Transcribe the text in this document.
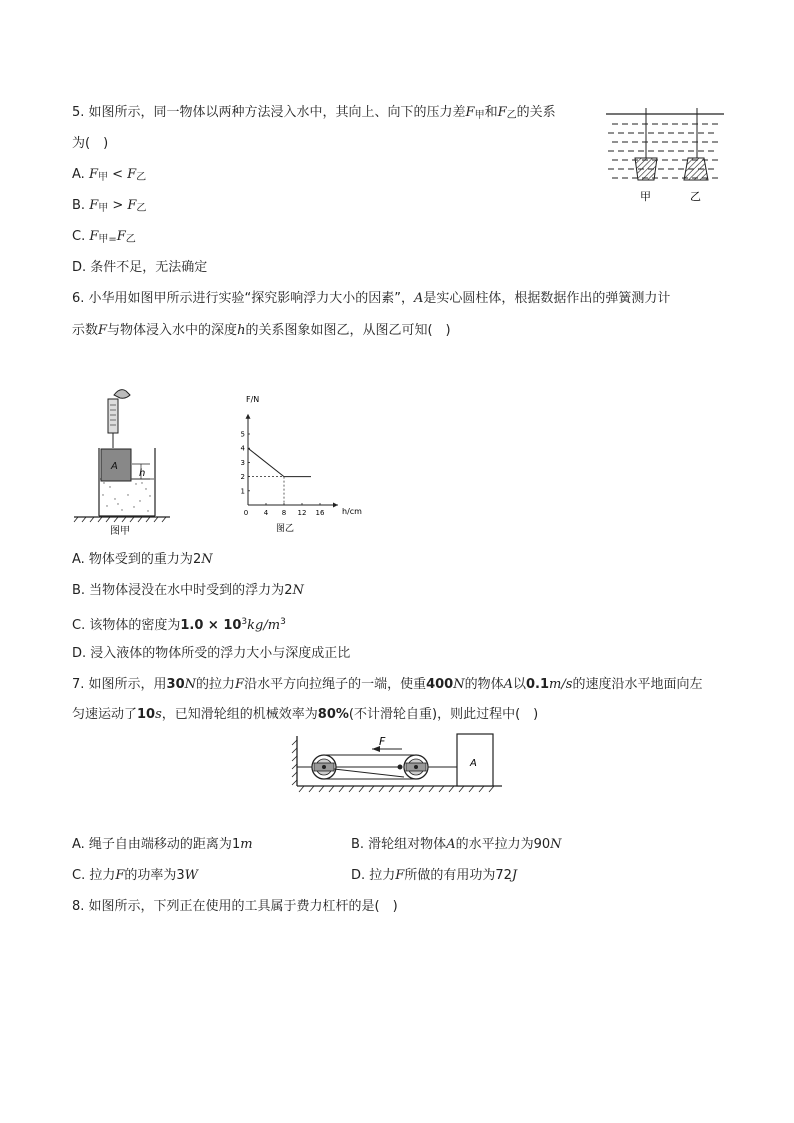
5. 如图所示，同一物体以两种方法浸入水中，其向上、向下的压力差$F_甲$和$F_乙$的关系
为(　)
A. $F_甲 < F_乙$
B. $F_甲 > F_乙$
C. $F_{甲=}F_乙$
D. 条件不足，无法确定
甲	乙
6. 小华用如图甲所示进行实验“探究影响浮力大小的因素”，A是实心圆柱体，根据数据作出的弹簧测力计
示数F与物体浸入水中的深度h的关系图象如图乙，从图乙可知(　)
A
h
图甲
0 4 8 12 16
1
2
3
4
5
F/N
h/cm
图乙
A. 物体受到的重力为2N
B. 当物体浸没在水中时受到的浮力为2N
C. 该物体的密度为$1.0 \times 10^3kg/m^3$
D. 浸入液体的物体所受的浮力大小与深度成正比
7. 如图所示，用30N的拉力F沿水平方向拉绳子的一端，使重400N的物体A以0.1m/s的速度沿水平地面向左
匀速运动了10s，已知滑轮组的机械效率为80%(不计滑轮自重)，则此过程中(　)
F
A
A. 绳子自由端移动的距离为1m	B. 滑轮组对物体A的水平拉力为90N
C. 拉力F的功率为3W	D. 拉力F所做的有用功为72J
8. 如图所示，下列正在使用的工具属于费力杠杆的是(　)
